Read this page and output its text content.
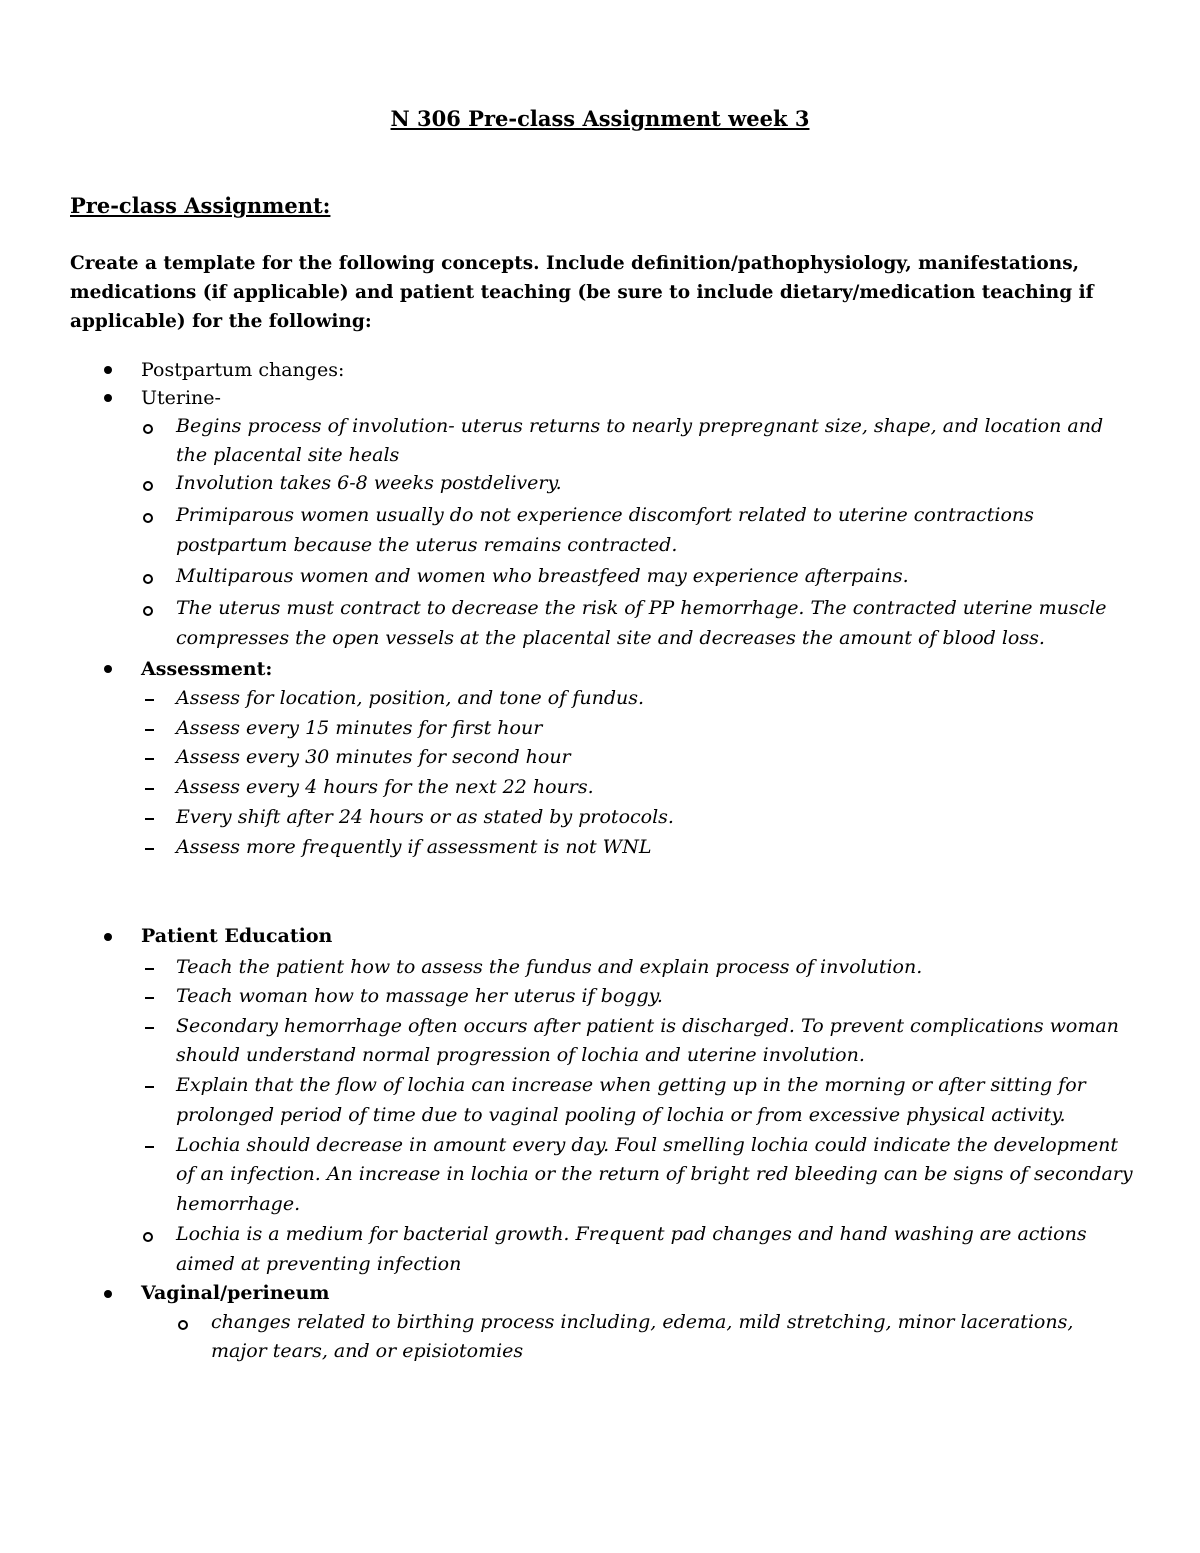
N 306 Pre-class Assignment week 3
Pre-class Assignment:
Create a template for the following concepts. Include definition/pathophysiology, manifestations, medications (if applicable) and patient teaching (be sure to include dietary/medication teaching if applicable) for the following:
Postpartum changes:
Uterine-
Begins process of involution- uterus returns to nearly prepregnant size, shape, and location and
the placental site heals
Involution takes 6-8 weeks postdelivery.
Primiparous women usually do not experience discomfort related to uterine contractions
postpartum because the uterus remains contracted.
Multiparous women and women who breastfeed may experience afterpains.
The uterus must contract to decrease the risk of PP hemorrhage. The contracted uterine muscle
compresses the open vessels at the placental site and decreases the amount of blood loss.
Assessment:
Assess for location, position, and tone of fundus.
Assess every 15 minutes for first hour
Assess every 30 minutes for second hour
Assess every 4 hours for the next 22 hours.
Every shift after 24 hours or as stated by protocols.
Assess more frequently if assessment is not WNL
Patient Education
Teach the patient how to assess the fundus and explain process of involution.
Teach woman how to massage her uterus if boggy.
Secondary hemorrhage often occurs after patient is discharged. To prevent complications woman
should understand normal progression of lochia and uterine involution.
Explain that the flow of lochia can increase when getting up in the morning or after sitting for
prolonged period of time due to vaginal pooling of lochia or from excessive physical activity.
Lochia should decrease in amount every day. Foul smelling lochia could indicate the development
of an infection. An increase in lochia or the return of bright red bleeding can be signs of secondary
hemorrhage.
Lochia is a medium for bacterial growth. Frequent pad changes and hand washing are actions
aimed at preventing infection
Vaginal/perineum
changes related to birthing process including, edema, mild stretching, minor lacerations,
major tears, and or episiotomies
